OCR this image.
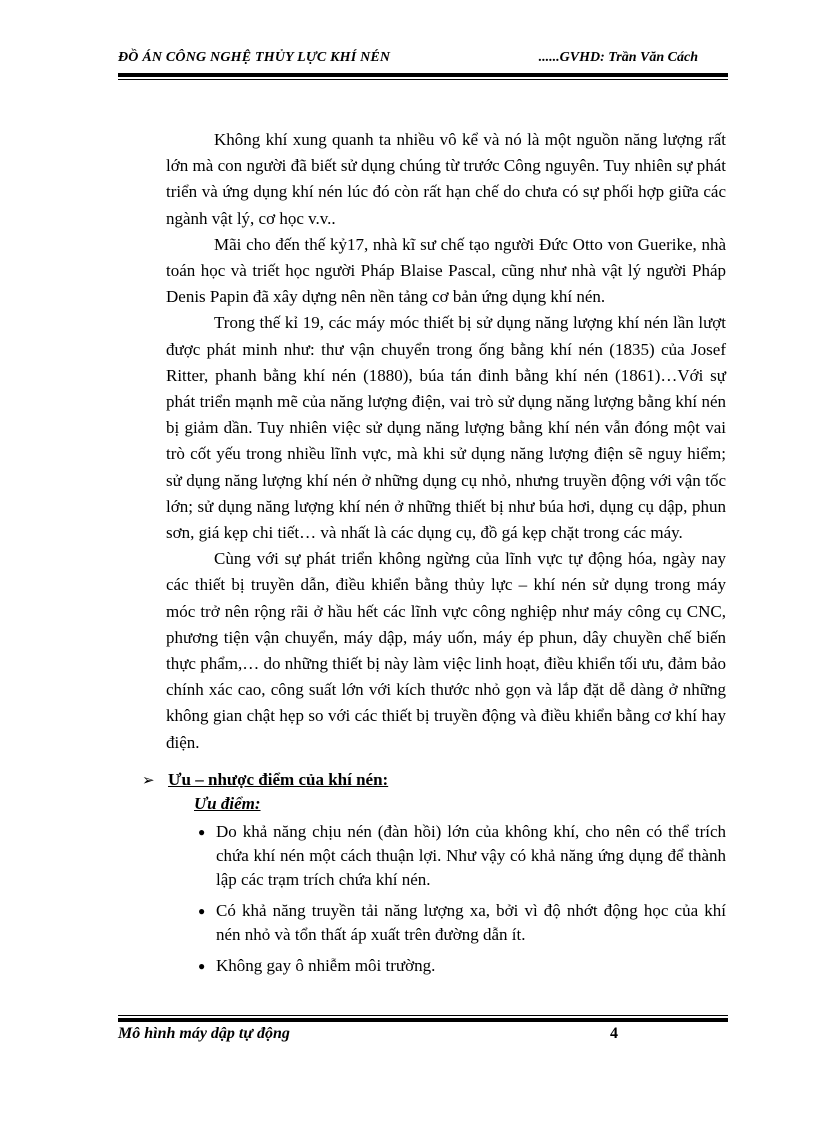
ĐỒ ÁN CÔNG NGHỆ THỦY LỰC KHÍ NÉN	......GVHD: Trần Văn Cách

Không khí xung quanh ta nhiều vô kể và nó là một nguồn năng lượng rất lớn mà con người đã biết sử dụng chúng từ trước Công nguyên. Tuy nhiên sự phát triển và ứng dụng khí nén lúc đó còn rất hạn chế do chưa có sự phối hợp giữa các ngành vật lý, cơ học v.v..

Mãi cho đến thế kỷ17, nhà kĩ sư chế tạo người Đức Otto von Guerike, nhà toán học và triết học người Pháp Blaise Pascal, cũng như nhà vật lý người Pháp Denis Papin đã xây dựng nên nền tảng cơ bản ứng dụng khí nén.

Trong thế kỉ 19, các máy móc thiết bị sử dụng năng lượng khí nén lần lượt được phát minh như: thư vận chuyển trong ống bằng khí nén (1835) của Josef Ritter, phanh bằng khí nén (1880), búa tán đinh bằng khí nén (1861)…Với sự phát triển mạnh mẽ của năng lượng điện, vai trò sử dụng năng lượng bằng khí nén bị giảm dần. Tuy nhiên việc sử dụng năng lượng bằng khí nén vẫn đóng một vai trò cốt yếu trong nhiều lĩnh vực, mà khi sử dụng năng lượng điện sẽ nguy hiểm; sử dụng năng lượng khí nén ở những dụng cụ nhỏ, nhưng truyền động với vận tốc lớn; sử dụng năng lượng khí nén ở những thiết bị như búa hơi, dụng cụ dập, phun sơn, giá kẹp chi tiết… và nhất là các dụng cụ, đồ gá kẹp chặt trong các máy.

Cùng với sự phát triển không ngừng của lĩnh vực tự động hóa, ngày nay các thiết bị truyền dẫn, điều khiển bằng thủy lực – khí nén sử dụng trong máy móc trở nên rộng rãi ở hầu hết các lĩnh vực công nghiệp như máy công cụ CNC, phương tiện vận chuyển, máy dập, máy uốn, máy ép phun, dây chuyền chế biến thực phẩm,… do những thiết bị này làm việc linh hoạt, điều khiển tối ưu, đảm bảo chính xác cao, công suất lớn với kích thước nhỏ gọn và lắp đặt dễ dàng ở những không gian chật hẹp so với các thiết bị truyền động và điều khiển bằng cơ khí hay điện.

➢ Ưu – nhược điểm của khí nén:
Ưu điểm:
● Do khả năng chịu nén (đàn hồi) lớn của không khí, cho nên có thể trích chứa khí nén một cách thuận lợi. Như vậy có khả năng ứng dụng để thành lập các trạm trích chứa khí nén.
● Có khả năng truyền tải năng lượng xa, bởi vì độ nhớt động học của khí nén nhỏ và tổn thất áp xuất trên đường dẫn ít.
● Không gay ô nhiễm môi trường.
Mô hình máy dập tự động	4
